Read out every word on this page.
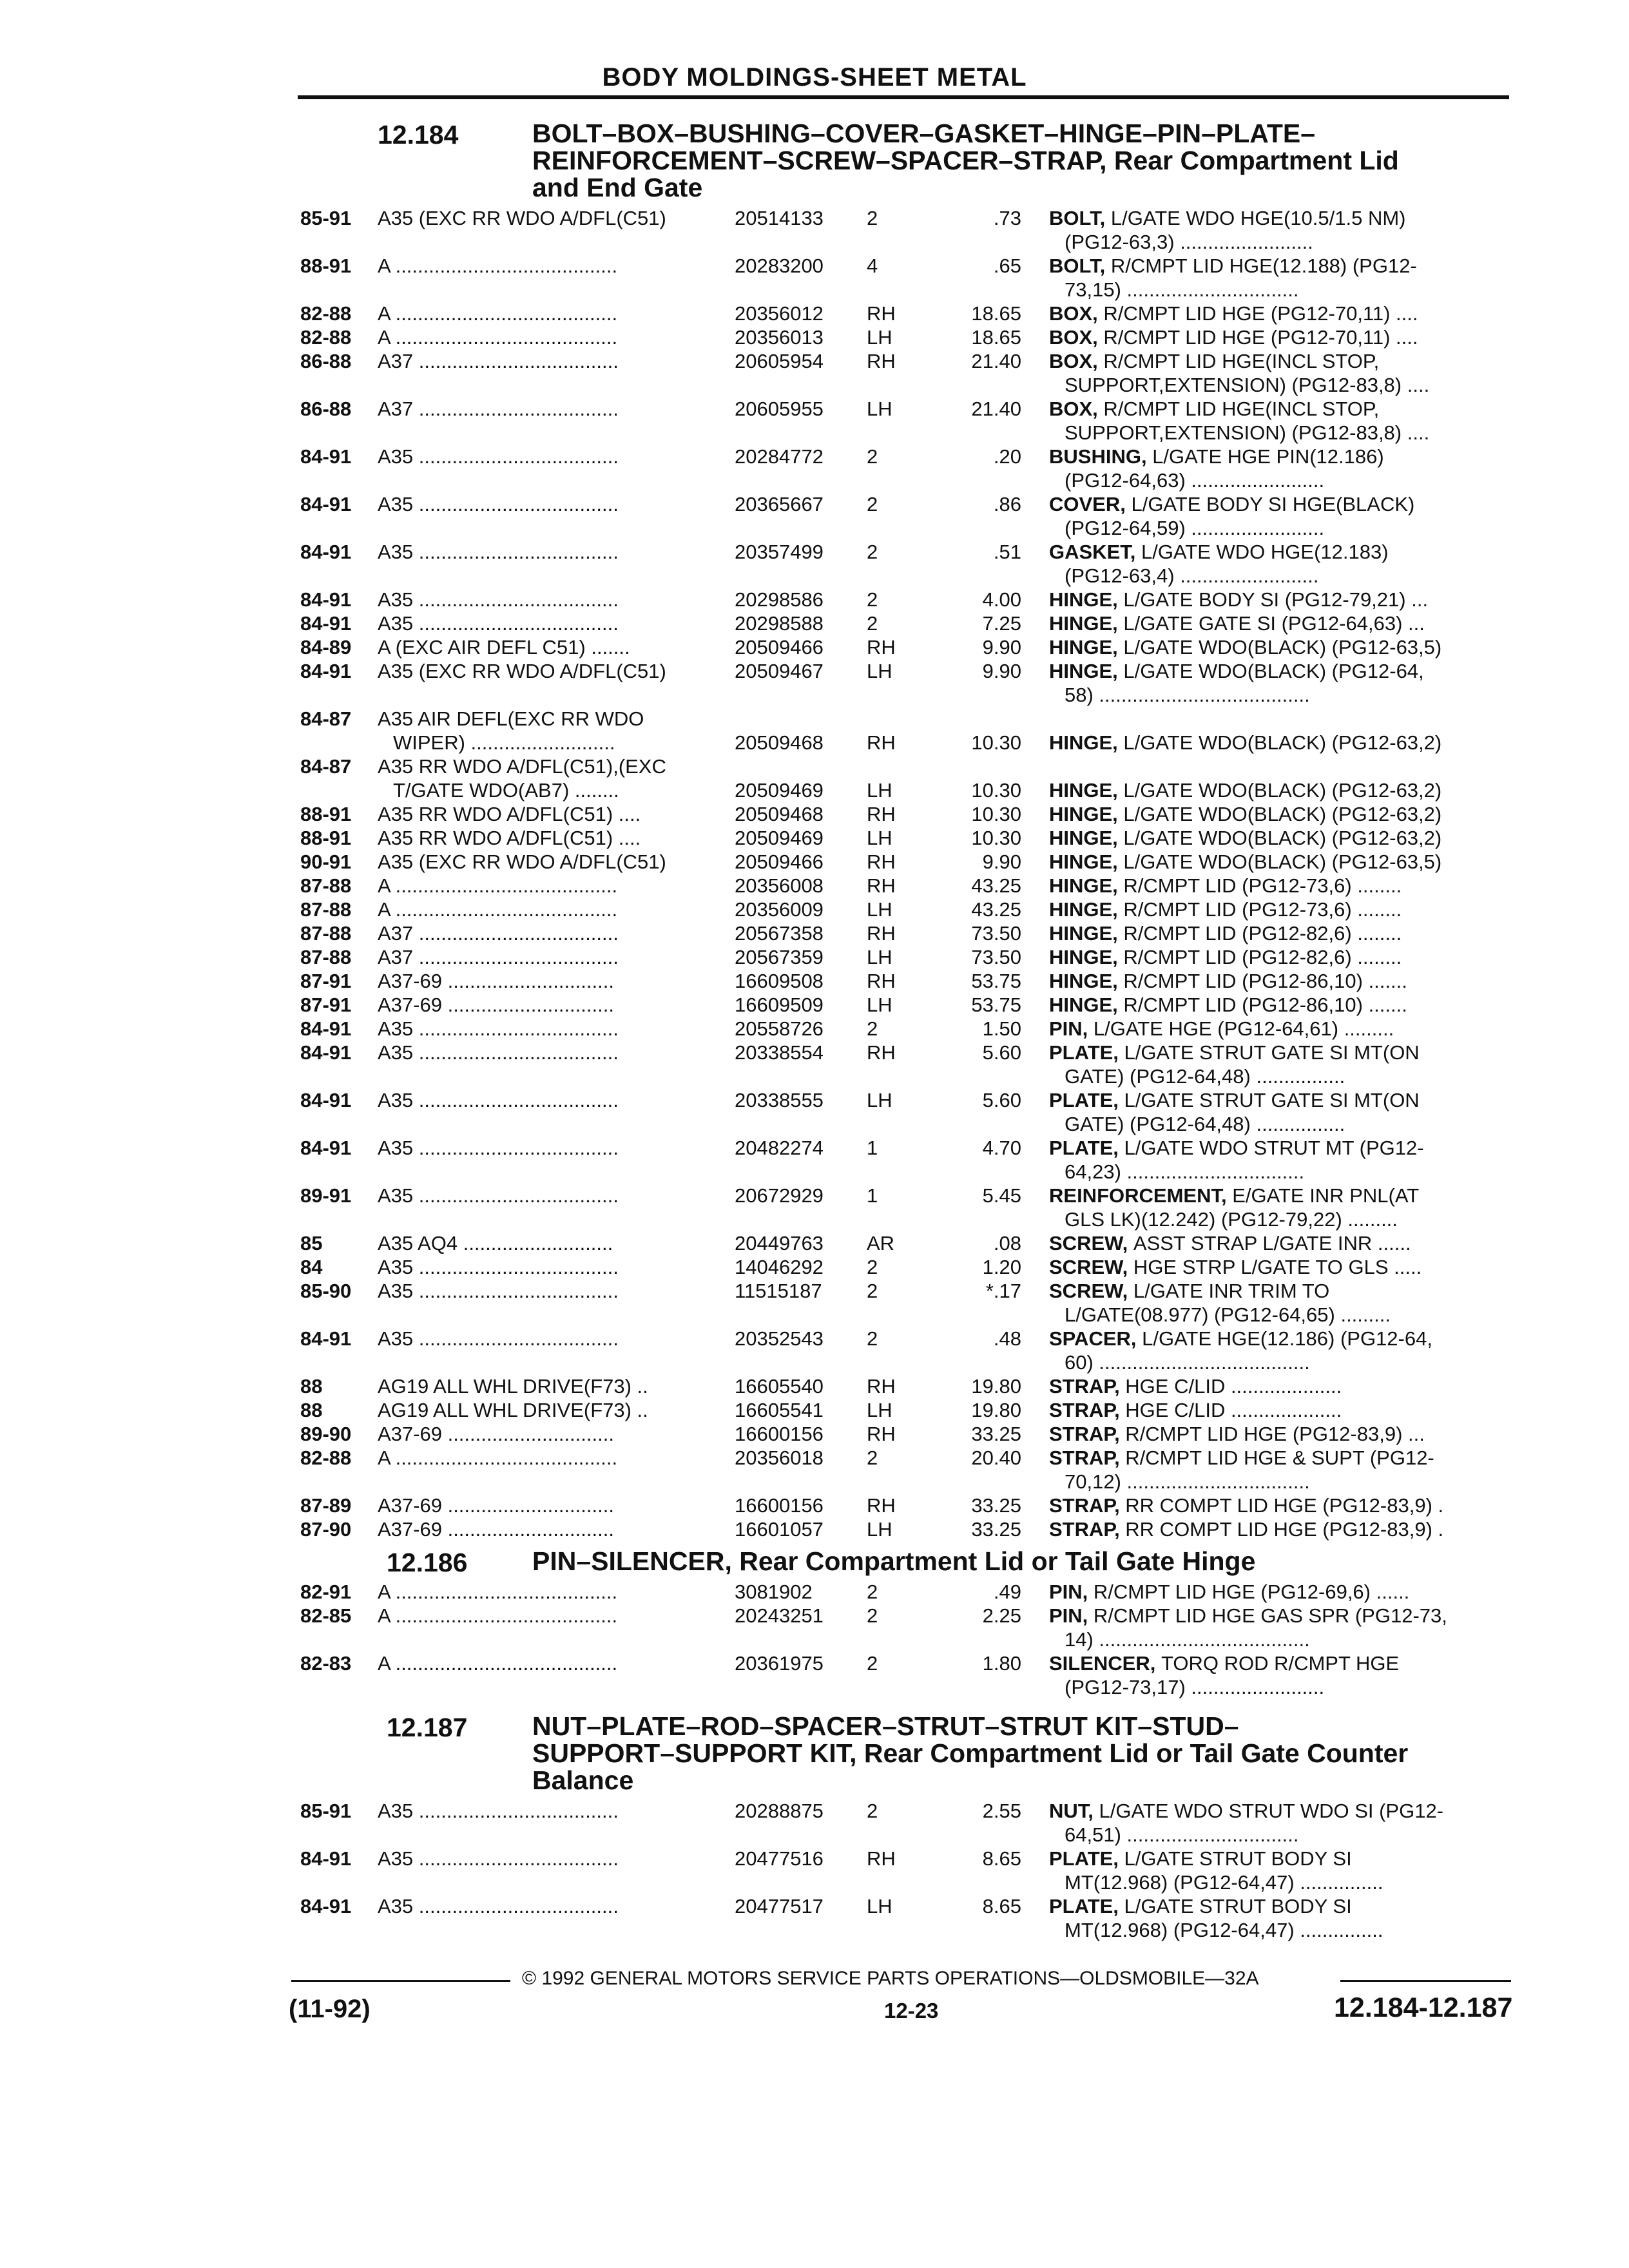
BODY MOLDINGS-SHEET METAL
12.184	BOLT–BOX–BUSHING–COVER–GASKET–HINGE–PIN–PLATE–
REINFORCEMENT–SCREW–SPACER–STRAP, Rear Compartment Lid
and End Gate
85-91	A35 (EXC RR WDO A/DFL(C51)	20514133	2	.73 BOLT, L/GATE WDO HGE(10.5/1.5 NM)
(PG12-63,3) ........................
88-91	A ........................................	20283200	4	.65 BOLT, R/CMPT LID HGE(12.188) (PG12-
73,15) ...............................
82-88	A ........................................	20356012	RH	18.65 BOX, R/CMPT LID HGE (PG12-70,11) ....
82-88	A ........................................	20356013	LH	18.65 BOX, R/CMPT LID HGE (PG12-70,11) ....
86-88	A37 ....................................	20605954	RH	21.40 BOX, R/CMPT LID HGE(INCL STOP,
SUPPORT,EXTENSION) (PG12-83,8) ....
86-88	A37 ....................................	20605955	LH	21.40 BOX, R/CMPT LID HGE(INCL STOP,
SUPPORT,EXTENSION) (PG12-83,8) ....
84-91	A35 ....................................	20284772	2	.20 BUSHING, L/GATE HGE PIN(12.186)
(PG12-64,63) ........................
84-91	A35 ....................................	20365667	2	.86 COVER, L/GATE BODY SI HGE(BLACK)
(PG12-64,59) ........................
84-91	A35 ....................................	20357499	2	.51 GASKET, L/GATE WDO HGE(12.183)
(PG12-63,4) .........................
84-91	A35 ....................................	20298586	2	4.00 HINGE, L/GATE BODY SI (PG12-79,21) ...
84-91	A35 ....................................	20298588	2	7.25 HINGE, L/GATE GATE SI (PG12-64,63) ...
84-89	A (EXC AIR DEFL C51) .......	20509466	RH	9.90 HINGE, L/GATE WDO(BLACK) (PG12-63,5)
84-91	A35 (EXC RR WDO A/DFL(C51)	20509467	LH	9.90 HINGE, L/GATE WDO(BLACK) (PG12-64,
58) ......................................
84-87	A35 AIR DEFL(EXC RR WDO
WIPER) ..........................	20509468	RH	10.30 HINGE, L/GATE WDO(BLACK) (PG12-63,2)
84-87	A35 RR WDO A/DFL(C51),(EXC
T/GATE WDO(AB7) ........	20509469	LH	10.30 HINGE, L/GATE WDO(BLACK) (PG12-63,2)
88-91	A35 RR WDO A/DFL(C51) ....	20509468	RH	10.30 HINGE, L/GATE WDO(BLACK) (PG12-63,2)
88-91	A35 RR WDO A/DFL(C51) ....	20509469	LH	10.30 HINGE, L/GATE WDO(BLACK) (PG12-63,2)
90-91	A35 (EXC RR WDO A/DFL(C51)	20509466	RH	9.90 HINGE, L/GATE WDO(BLACK) (PG12-63,5)
87-88	A ........................................	20356008	RH	43.25 HINGE, R/CMPT LID (PG12-73,6) ........
87-88	A ........................................	20356009	LH	43.25 HINGE, R/CMPT LID (PG12-73,6) ........
87-88	A37 ....................................	20567358	RH	73.50 HINGE, R/CMPT LID (PG12-82,6) ........
87-88	A37 ....................................	20567359	LH	73.50 HINGE, R/CMPT LID (PG12-82,6) ........
87-91	A37-69 ..............................	16609508	RH	53.75 HINGE, R/CMPT LID (PG12-86,10) .......
87-91	A37-69 ..............................	16609509	LH	53.75 HINGE, R/CMPT LID (PG12-86,10) .......
84-91	A35 ....................................	20558726	2	1.50 PIN, L/GATE HGE (PG12-64,61) .........
84-91	A35 ....................................	20338554	RH	5.60 PLATE, L/GATE STRUT GATE SI MT(ON
GATE) (PG12-64,48) ................
84-91	A35 ....................................	20338555	LH	5.60 PLATE, L/GATE STRUT GATE SI MT(ON
GATE) (PG12-64,48) ................
84-91	A35 ....................................	20482274	1	4.70 PLATE, L/GATE WDO STRUT MT (PG12-
64,23) ................................
89-91	A35 ....................................	20672929	1	5.45 REINFORCEMENT, E/GATE INR PNL(AT
GLS LK)(12.242) (PG12-79,22) .........
85	A35 AQ4 ...........................	20449763	AR	.08 SCREW, ASST STRAP L/GATE INR ......
84	A35 ....................................	14046292	2	1.20 SCREW, HGE STRP L/GATE TO GLS .....
85-90	A35 ....................................	11515187	2	*.17 SCREW, L/GATE INR TRIM TO
L/GATE(08.977) (PG12-64,65) .........
84-91	A35 ....................................	20352543	2	.48 SPACER, L/GATE HGE(12.186) (PG12-64,
60) ......................................
88	AG19 ALL WHL DRIVE(F73) ..	16605540	RH	19.80 STRAP, HGE C/LID ....................
88	AG19 ALL WHL DRIVE(F73) ..	16605541	LH	19.80 STRAP, HGE C/LID ....................
89-90	A37-69 ..............................	16600156	RH	33.25 STRAP, R/CMPT LID HGE (PG12-83,9) ...
82-88	A ........................................	20356018	2	20.40 STRAP, R/CMPT LID HGE & SUPT (PG12-
70,12) .................................
87-89	A37-69 ..............................	16600156	RH	33.25 STRAP, RR COMPT LID HGE (PG12-83,9) .
87-90	A37-69 ..............................	16601057	LH	33.25 STRAP, RR COMPT LID HGE (PG12-83,9) .
12.186 PIN–SILENCER, Rear Compartment Lid or Tail Gate Hinge
82-91	A ........................................	3081902	2	.49 PIN, R/CMPT LID HGE (PG12-69,6) ......
82-85	A ........................................	20243251	2	2.25 PIN, R/CMPT LID HGE GAS SPR (PG12-73,
14) ......................................
82-83	A ........................................	20361975	2	1.80 SILENCER, TORQ ROD R/CMPT HGE
(PG12-73,17) ........................
12.187 NUT–PLATE–ROD–SPACER–STRUT–STRUT KIT–STUD–
SUPPORT–SUPPORT KIT, Rear Compartment Lid or Tail Gate Counter
Balance
85-91	A35 ....................................	20288875	2	2.55 NUT, L/GATE WDO STRUT WDO SI (PG12-
64,51) ...............................
84-91	A35 ....................................	20477516	RH	8.65 PLATE, L/GATE STRUT BODY SI
MT(12.968) (PG12-64,47) ...............
84-91	A35 ....................................	20477517	LH	8.65 PLATE, L/GATE STRUT BODY SI
MT(12.968) (PG12-64,47) ...............
© 1992 GENERAL MOTORS SERVICE PARTS OPERATIONS—OLDSMOBILE—32A
(11-92)	12-23	12.184-12.187
